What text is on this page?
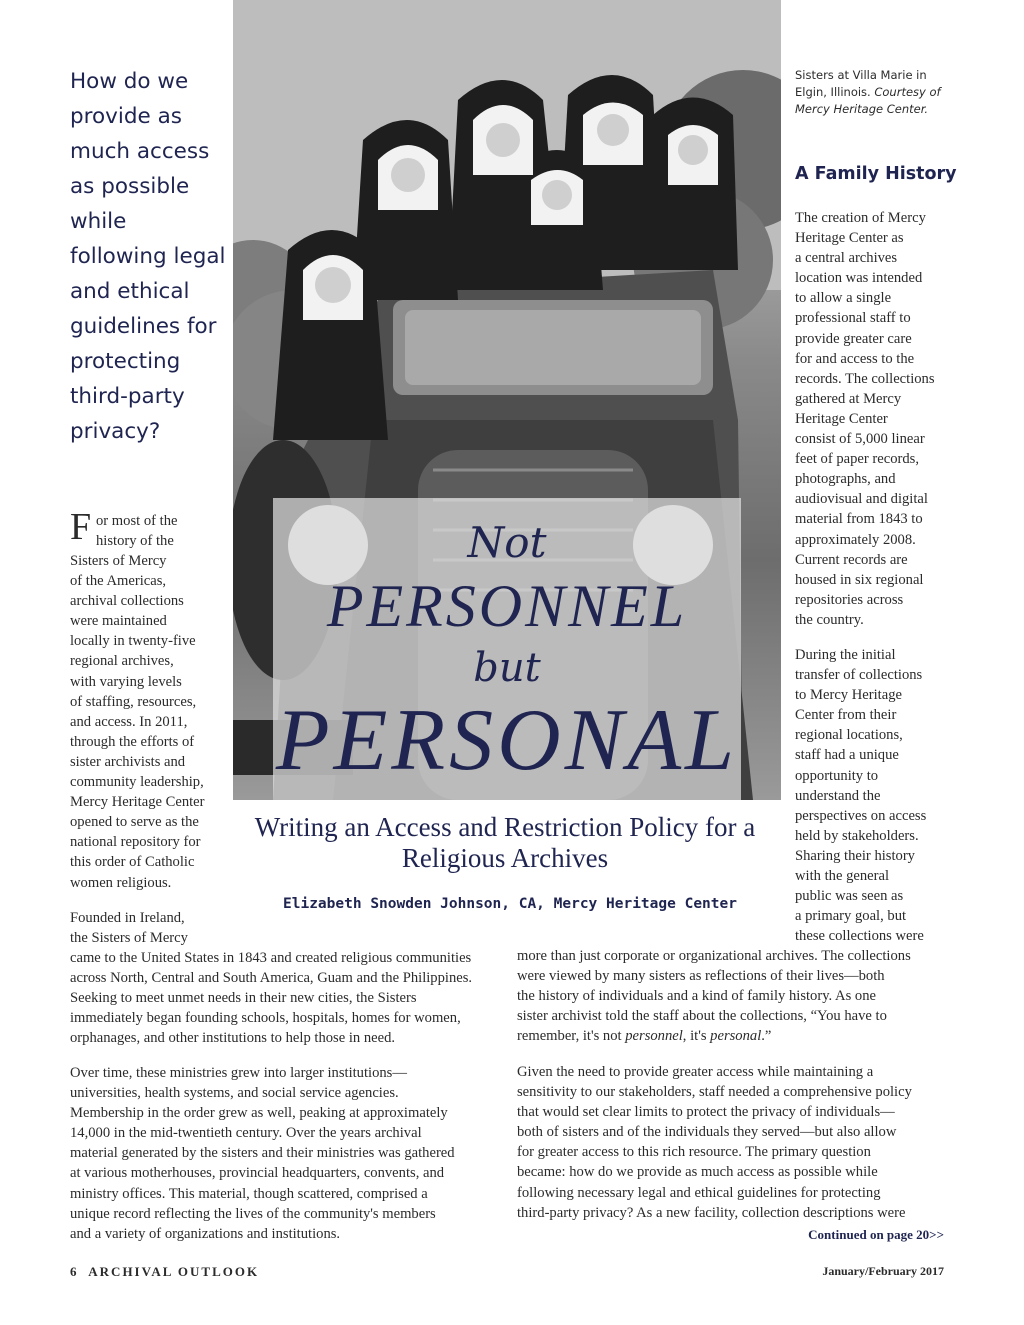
Not
PERSONNEL
but
PERSONAL
Writing an Access and Restriction Policy for a Religious Archives
Elizabeth Snowden Johnson, CA, Mercy Heritage Center
How do we provide as much access as possible while following legal and ethical guidelines for protecting third-party privacy?
F or most of the
history of the
Sisters of Mercy
of the Americas,
archival collections
were maintained
locally in twenty-five
regional archives,
with varying levels
of staffing, resources,
and access. In 2011,
through the efforts of
sister archivists and
community leadership,
Mercy Heritage Center
opened to serve as the
national repository for
this order of Catholic
women religious.
Founded in Ireland,
the Sisters of Mercy
came to the United States in 1843 and created religious communities
across North, Central and South America, Guam and the Philippines.
Seeking to meet unmet needs in their new cities, the Sisters
immediately began founding schools, hospitals, homes for women,
orphanages, and other institutions to help those in need.
Over time, these ministries grew into larger institutions—
universities, health systems, and social service agencies.
Membership in the order grew as well, peaking at approximately
14,000 in the mid-twentieth century. Over the years archival
material generated by the sisters and their ministries was gathered
at various motherhouses, provincial headquarters, convents, and
ministry offices. This material, though scattered, comprised a
unique record reflecting the lives of the community's members
and a variety of organizations and institutions.
Sisters at Villa Marie in Elgin, Illinois. Courtesy of Mercy Heritage Center.
A Family History
The creation of Mercy
Heritage Center as
a central archives
location was intended
to allow a single
professional staff to
provide greater care
for and access to the
records. The collections
gathered at Mercy
Heritage Center
consist of 5,000 linear
feet of paper records,
photographs, and
audiovisual and digital
material from 1843 to
approximately 2008.
Current records are
housed in six regional
repositories across
the country.
During the initial
transfer of collections
to Mercy Heritage
Center from their
regional locations,
staff had a unique
opportunity to
understand the
perspectives on access
held by stakeholders.
Sharing their history
with the general
public was seen as
a primary goal, but
these collections were
more than just corporate or organizational archives. The collections
were viewed by many sisters as reflections of their lives—both
the history of individuals and a kind of family history. As one
sister archivist told the staff about the collections, “You have to
remember, it's not personnel, it's personal.”
Given the need to provide greater access while maintaining a
sensitivity to our stakeholders, staff needed a comprehensive policy
that would set clear limits to protect the privacy of individuals—
both of sisters and of the individuals they served—but also allow
for greater access to this rich resource. The primary question
became: how do we provide as much access as possible while
following necessary legal and ethical guidelines for protecting
third-party privacy? As a new facility, collection descriptions were
Continued on page 20>>
6  ARCHIVAL OUTLOOK	January/February 2017
